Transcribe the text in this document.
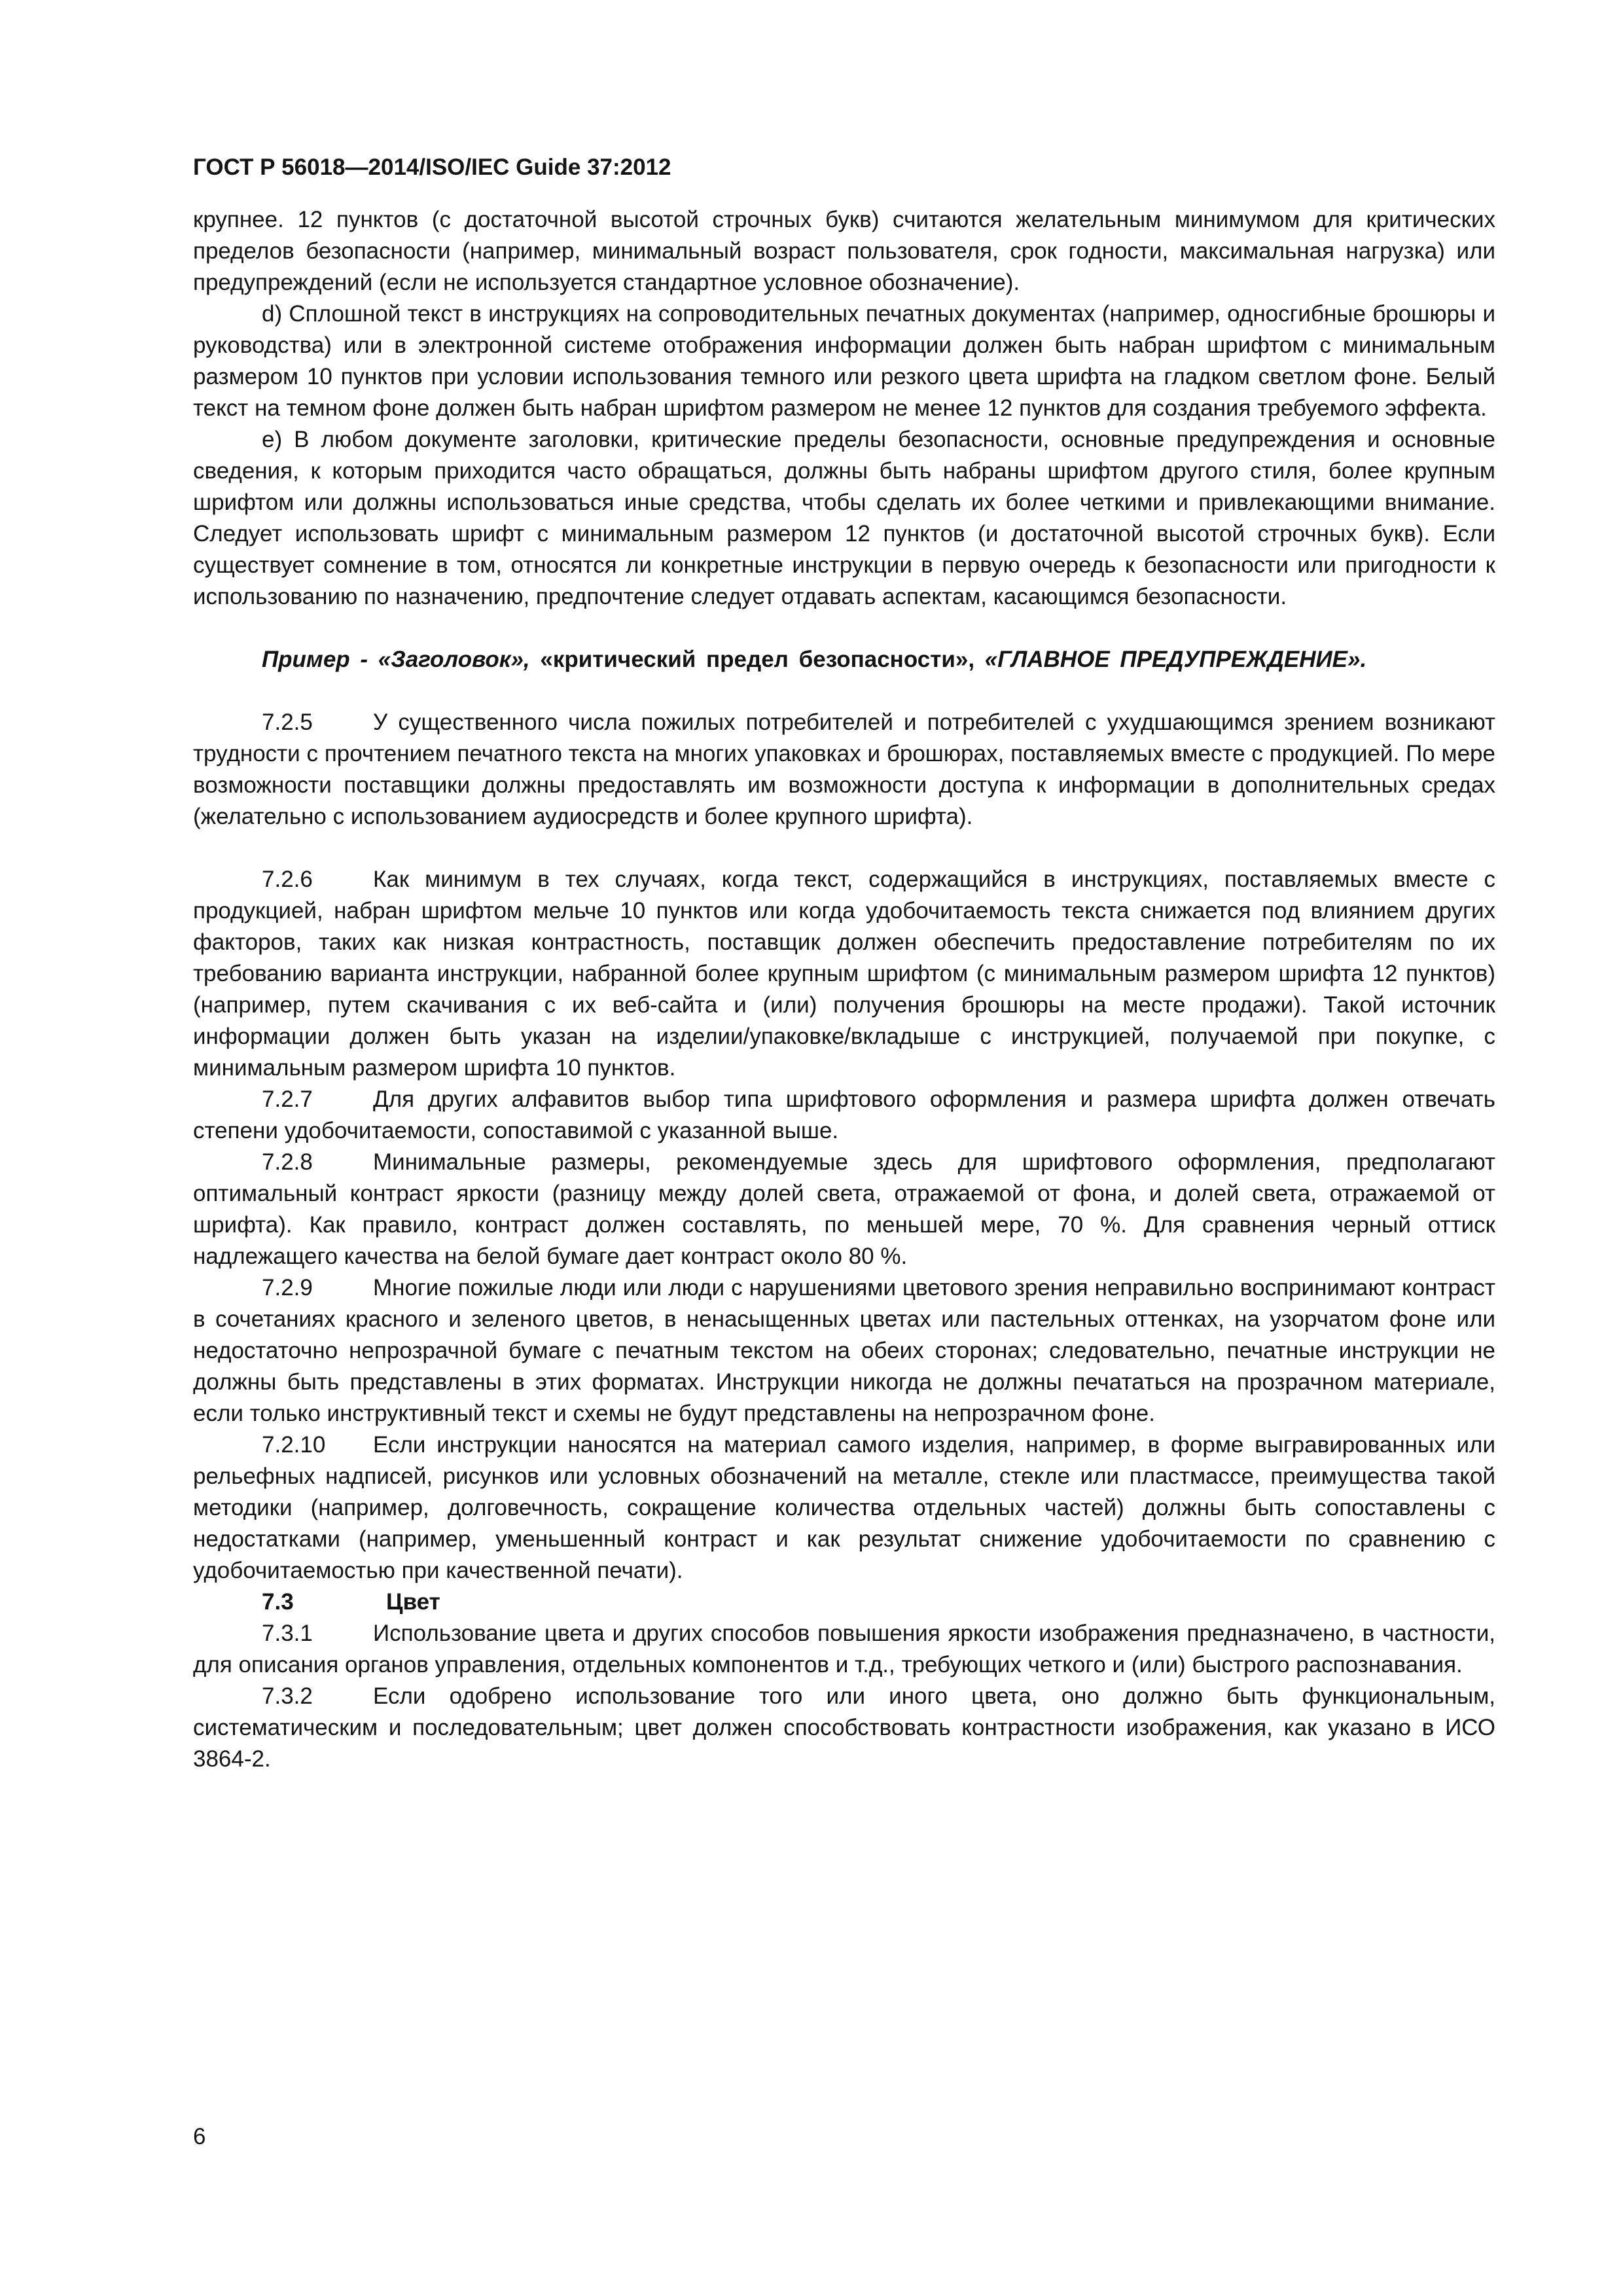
ГОСТ Р 56018—2014/ISO/IEC Guide 37:2012

крупнее. 12 пунктов (с достаточной высотой строчных букв) считаются желательным минимумом для критических пределов безопасности (например, минимальный возраст пользователя, срок годности, максимальная нагрузка) или предупреждений (если не используется стандартное условное обозначение).

d) Сплошной текст в инструкциях на сопроводительных печатных документах (например, односгибные брошюры и руководства) или в электронной системе отображения информации должен быть набран шрифтом с минимальным размером 10 пунктов при условии использования темного или резкого цвета шрифта на гладком светлом фоне. Белый текст на темном фоне должен быть набран шрифтом размером не менее 12 пунктов для создания требуемого эффекта.

e) В любом документе заголовки, критические пределы безопасности, основные предупреждения и основные сведения, к которым приходится часто обращаться, должны быть набраны шрифтом другого стиля, более крупным шрифтом или должны использоваться иные средства, чтобы сделать их более четкими и привлекающими внимание. Следует использовать шрифт с минимальным размером 12 пунктов (и достаточной высотой строчных букв). Если существует сомнение в том, относятся ли конкретные инструкции в первую очередь к безопасности или пригодности к использованию по назначению, предпочтение следует отдавать аспектам, касающимся безопасности.

Пример - «Заголовок», «критический предел безопасности», «ГЛАВНОЕ ПРЕДУПРЕЖДЕНИЕ».

7.2.5	У существенного числа пожилых потребителей и потребителей с ухудшающимся зрением возникают трудности с прочтением печатного текста на многих упаковках и брошюрах, поставляемых вместе с продукцией. По мере возможности поставщики должны предоставлять им возможности доступа к информации в дополнительных средах (желательно с использованием аудиосредств и более крупного шрифта).

7.2.6	Как минимум в тех случаях, когда текст, содержащийся в инструкциях, поставляемых вместе с продукцией, набран шрифтом мельче 10 пунктов или когда удобочитаемость текста снижается под влиянием других факторов, таких как низкая контрастность, поставщик должен обеспечить предоставление потребителям по их требованию варианта инструкции, набранной более крупным шрифтом (с минимальным размером шрифта 12 пунктов) (например, путем скачивания с их веб-сайта и (или) получения брошюры на месте продажи). Такой источник информации должен быть указан на изделии/упаковке/вкладыше с инструкцией, получаемой при покупке, с минимальным размером шрифта 10 пунктов.

7.2.7	Для других алфавитов выбор типа шрифтового оформления и размера шрифта должен отвечать степени удобочитаемости, сопоставимой с указанной выше.

7.2.8	Минимальные размеры, рекомендуемые здесь для шрифтового оформления, предполагают оптимальный контраст яркости (разницу между долей света, отражаемой от фона, и долей света, отражаемой от шрифта). Как правило, контраст должен составлять, по меньшей мере, 70 %. Для сравнения черный оттиск надлежащего качества на белой бумаге дает контраст около 80 %.

7.2.9	Многие пожилые люди или люди с нарушениями цветового зрения неправильно воспринимают контраст в сочетаниях красного и зеленого цветов, в ненасыщенных цветах или пастельных оттенках, на узорчатом фоне или недостаточно непрозрачной бумаге с печатным текстом на обеих сторонах; следовательно, печатные инструкции не должны быть представлены в этих форматах. Инструкции никогда не должны печататься на прозрачном материале, если только инструктивный текст и схемы не будут представлены на непрозрачном фоне.

7.2.10 Если инструкции наносятся на материал самого изделия, например, в форме выгравированных или рельефных надписей, рисунков или условных обозначений на металле, стекле или пластмассе, преимущества такой методики (например, долговечность, сокращение количества отдельных частей) должны быть сопоставлены с недостатками (например, уменьшенный контраст и как результат снижение удобочитаемости по сравнению с удобочитаемостью при качественной печати).

7.3	Цвет

7.3.1	Использование цвета и других способов повышения яркости изображения предназначено, в частности, для описания органов управления, отдельных компонентов и т.д., требующих четкого и (или) быстрого распознавания.

7.3.2	Если одобрено использование того или иного цвета, оно должно быть функциональным, систематическим и последовательным; цвет должен способствовать контрастности изображения, как указано в ИСО 3864-2.

6
